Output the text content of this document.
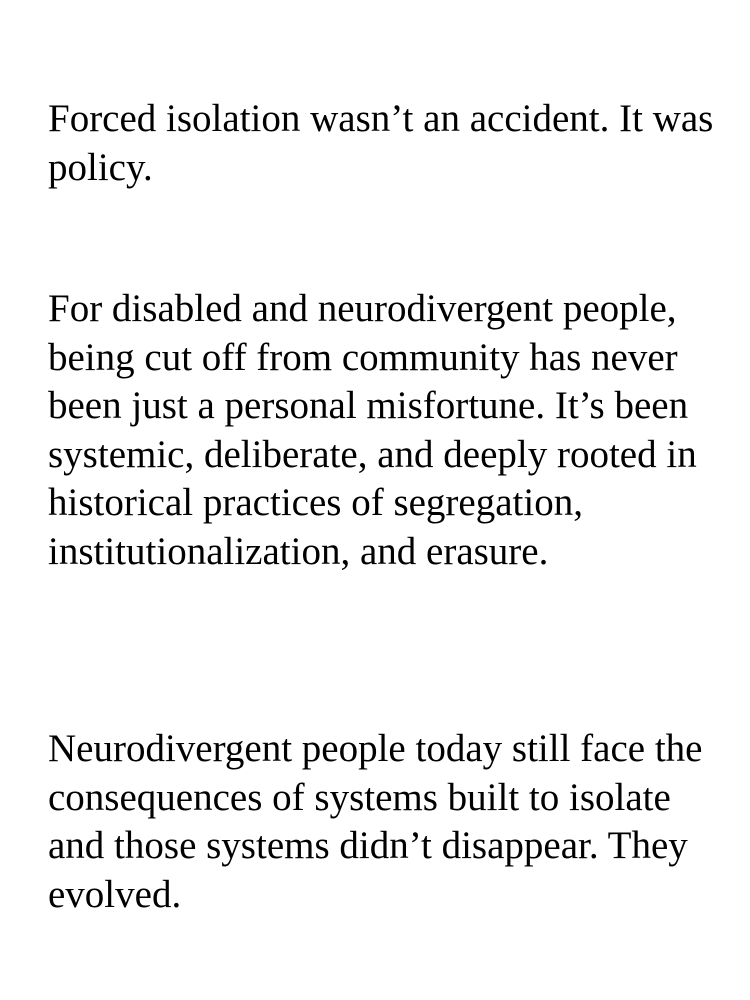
Forced isolation wasn’t an accident. It was policy.

For disabled and neurodivergent people, being cut off from community has never been just a personal misfortune. It’s been systemic, deliberate, and deeply rooted in historical practices of segregation, institutionalization, and erasure.

Neurodivergent people today still face the consequences of systems built to isolate and those systems didn’t disappear. They evolved.
